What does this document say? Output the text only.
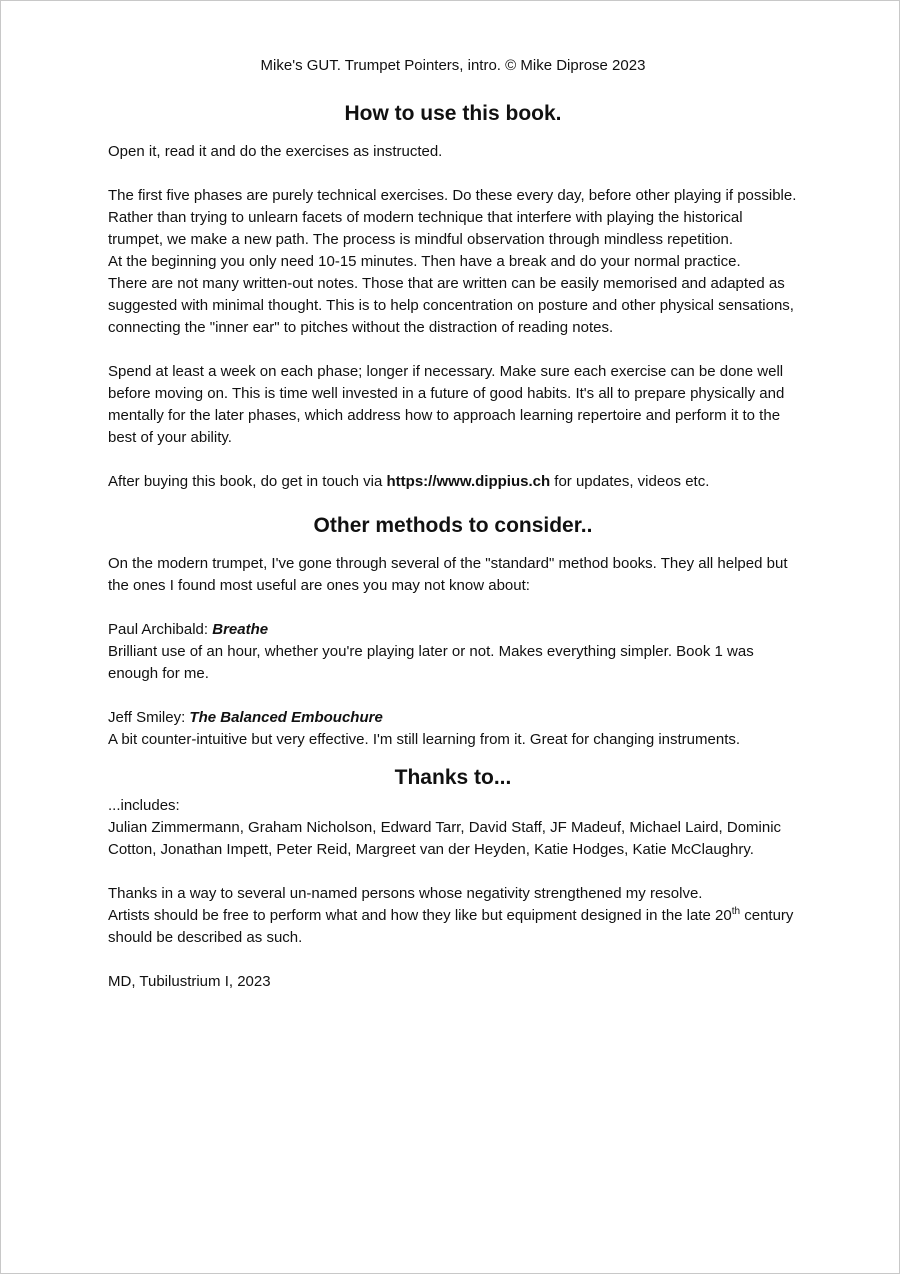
Mike's GUT. Trumpet Pointers, intro. © Mike Diprose 2023
How to use this book.

Open it, read it and do the exercises as instructed.

The first five phases are purely technical exercises. Do these every day, before other playing if possible.

Rather than trying to unlearn facets of modern technique that interfere with playing the historical trumpet, we make a new path. The process is mindful observation through mindless repetition.

At the beginning you only need 10-15 minutes. Then have a break and do your normal practice.

There are not many written-out notes. Those that are written can be easily memorised and adapted as suggested with minimal thought. This is to help concentration on posture and other physical sensations, connecting the "inner ear" to pitches without the distraction of reading notes.

Spend at least a week on each phase; longer if necessary. Make sure each exercise can be done well before moving on. This is time well invested in a future of good habits. It's all to prepare physically and mentally for the later phases, which address how to approach learning repertoire and perform it to the best of your ability.

After buying this book, do get in touch via https://www.dippius.ch for updates, videos etc.

Other methods to consider..

On the modern trumpet, I've gone through several of the "standard" method books. They all helped but the ones I found most useful are ones you may not know about:

Paul Archibald: Breathe

Brilliant use of an hour, whether you're playing later or not. Makes everything simpler. Book 1 was enough for me.

Jeff Smiley: The Balanced Embouchure

A bit counter-intuitive but very effective. I'm still learning from it. Great for changing instruments.

Thanks to...

...includes:

Julian Zimmermann, Graham Nicholson, Edward Tarr, David Staff, JF Madeuf, Michael Laird, Dominic Cotton, Jonathan Impett, Peter Reid, Margreet van der Heyden, Katie Hodges, Katie McClaughry.

Thanks in a way to several un-named persons whose negativity strengthened my resolve.

Artists should be free to perform what and how they like but equipment designed in the late 20th century should be described as such.

MD, Tubilustrium I, 2023
